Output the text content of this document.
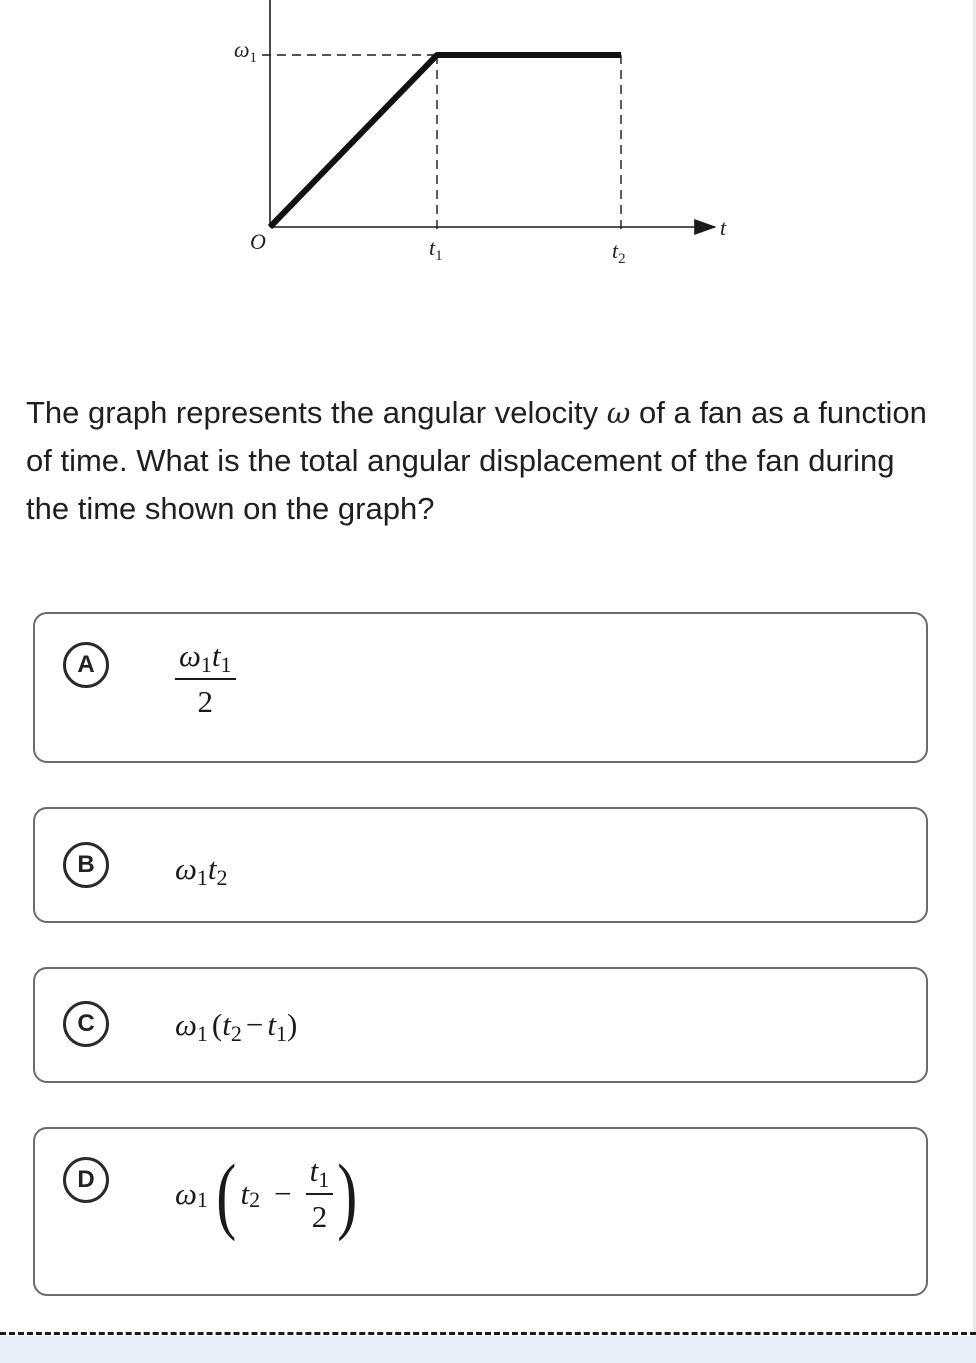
$\omega_1$
O
t
$t_1$	$t_2$
The graph represents the angular velocity ω of a fan as a function of time. What is the total angular displacement of the fan during the time shown on the graph?
A	$\frac{\omega 1t1}{2}$
B	ω1t2
C	ω1 (t2 − t1)
D	ω1 ( $t2 - \frac{t1}{2}$ )
